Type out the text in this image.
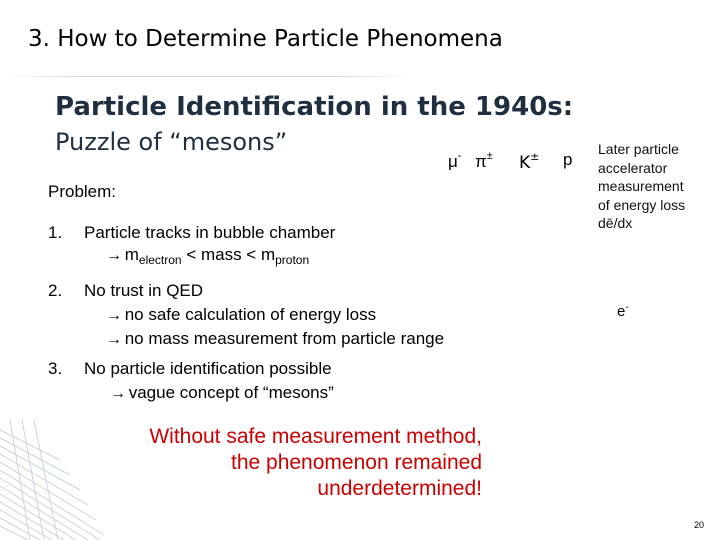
3. How to Determine Particle Phenomena
Particle Identification in the 1940s:
Puzzle of “mesons”
μ- π± K± p
Later particle
accelerator
measurement
of energy loss
dē/dx
Problem:
1. Particle tracks in bubble chamber
→ $m_{electron}$ < mass < $m_{proton}$
2. No trust in QED
→ no safe calculation of energy loss
→ no mass measurement from particle range
3. No particle identification possible
→ vague concept of “mesons”
e-
Without safe measurement method,
the phenomenon remained
underdetermined!
20
